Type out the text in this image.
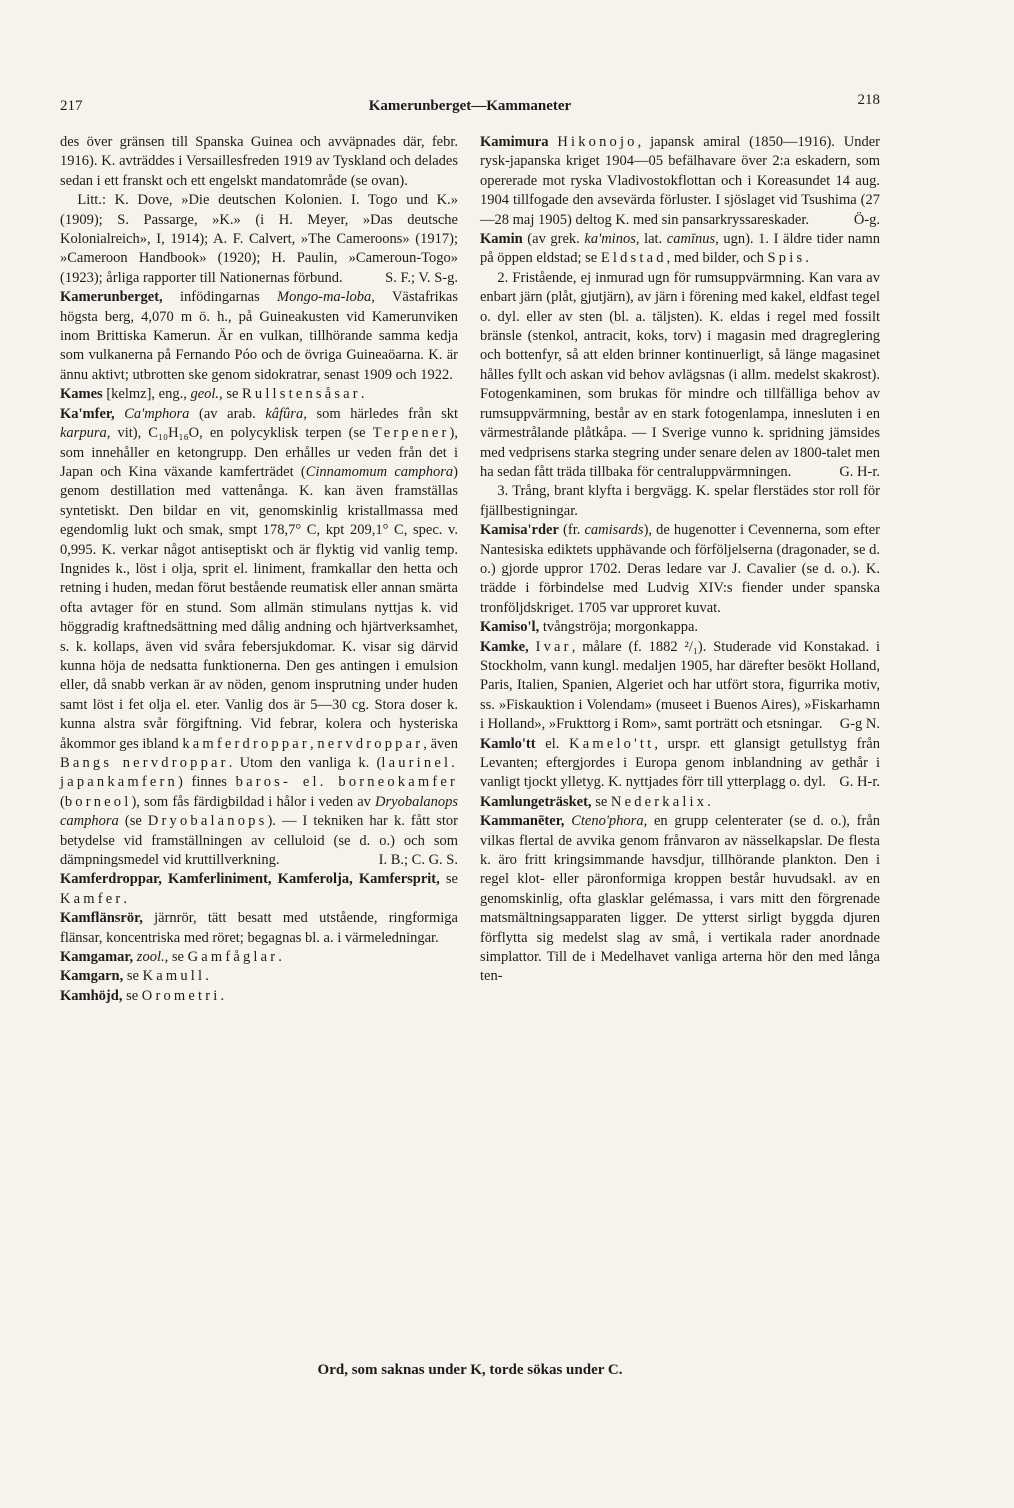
217	Kamerunberget—Kammaneter	218

des över gränsen till Spanska Guinea och avväpnades där, febr. 1916). K. avträddes i Versaillesfreden 1919 av Tyskland och delades sedan i ett franskt och ett engelskt mandatområde (se ovan).

Litt.: K. Dove, »Die deutschen Kolonien. I. Togo und K.» (1909); S. Passarge, »K.» (i H. Meyer, »Das deutsche Kolonialreich», I, 1914); A. F. Calvert, »The Cameroons» (1917); »Cameroon Handbook» (1920); H. Paulin, »Cameroun-Togo» (1923); årliga rapporter till Nationernas förbund.	S. F.; V. S-g.

Kamerunberget, infödingarnas Mongo-ma-loba, Västafrikas högsta berg, 4,070 m ö. h., på Guineakusten vid Kamerunviken inom Brittiska Kamerun. Är en vulkan, tillhörande samma kedja som vulkanerna på Fernando Póo och de övriga Guineaöarna. K. är ännu aktivt; utbrotten ske genom sidokratrar, senast 1909 och 1922.

Kames [kelmz], eng., geol., se Rullstensåsar.

Ka'mfer, Ca'mphora (av arab. kâfûra, som härledes från skt karpura, vit), C₁₀H₁₆O, en polycyklisk terpen (se Terpener), som innehåller en ketongrupp. Den erhålles ur veden från det i Japan och Kina växande kamferträdet (Cinnamomum camphora) genom destillation med vattenånga. K. kan även framställas syntetiskt. Den bildar en vit, genomskinlig kristallmassa med egendomlig lukt och smak, smpt 178,7° C, kpt 209,1° C, spec. v. 0,995. K. verkar något antiseptiskt och är flyktig vid vanlig temp. Ingnides k., löst i olja, sprit el. liniment, framkallar den hetta och retning i huden, medan förut bestående reumatisk eller annan smärta ofta avtager för en stund. Som allmän stimulans nyttjas k. vid höggradig kraftnedsättning med dålig andning och hjärtverksamhet, s. k. kollaps, även vid svåra febersjukdomar. K. visar sig därvid kunna höja de nedsatta funktionerna. Den ges antingen i emulsion eller, då snabb verkan är av nöden, genom insprutning under huden samt löst i fet olja el. eter. Vanlig dos är 5—30 cg. Stora doser k. kunna alstra svår förgiftning. Vid febrar, kolera och hysteriska åkommor ges ibland kamferdroppar, nervdroppar, även Bangs nervdroppar. Utom den vanliga k. (laurinel. japankamfern) finnes baros- el. borneokamfer (borneol), som fås färdigbildad i hålor i veden av Dryobalanops camphora (se Dryobalanops). — I tekniken har k. fått stor betydelse vid framställningen av celluloid (se d. o.) och som dämpningsmedel vid kruttillverkning.	I. B.; C. G. S.

Kamferdroppar, Kamferliniment, Kamferolja, Kamfersprit, se Kamfer.

Kamflänsrör, järnrör, tätt besatt med utstående, ringformiga flänsar, koncentriska med röret; begagnas bl. a. i värmeledningar.

Kamgamar, zool., se Gamfåglar.

Kamgarn, se Kamull.

Kamhöjd, se Orometri.

Kamimura Hikonojo, japansk amiral (1850—1916). Under rysk-japanska kriget 1904—05 befälhavare över 2:a eskadern, som opererade mot ryska Vladivostokflottan och i Koreasundet 14 aug. 1904 tillfogade den avsevärda förluster. I sjöslaget vid Tsushima (27—28 maj 1905) deltog K. med sin pansarkryssareskader.	Ö-g.

Kamin (av grek. ka'minos, lat. camīnus, ugn). 1. I äldre tider namn på öppen eldstad; se Eldstad, med bilder, och Spis.

2. Fristående, ej inmurad ugn för rumsuppvärmning. Kan vara av enbart järn (plåt, gjutjärn), av järn i förening med kakel, eldfast tegel o. dyl. eller av sten (bl. a. täljsten). K. eldas i regel med fossilt bränsle (stenkol, antracit, koks, torv) i magasin med dragreglering och bottenfyr, så att elden brinner kontinuerligt, så länge magasinet hålles fyllt och askan vid behov avlägsnas (i allm. medelst skakrost). Fotogenkaminen, som brukas för mindre och tillfälliga behov av rumsuppvärmning, består av en stark fotogenlampa, innesluten i en värmestrålande plåtkåpa. — I Sverige vunno k. spridning jämsides med vedprisens starka stegring under senare delen av 1800-talet men ha sedan fått träda tillbaka för centraluppvärmningen.	G. H-r.

3. Trång, brant klyfta i bergvägg. K. spelar flerstädes stor roll för fjällbestigningar.

Kamisa'rder (fr. camisards), de hugenotter i Cevennerna, som efter Nantesiska ediktets upphävande och förföljelserna (dragonader, se d. o.) gjorde uppror 1702. Deras ledare var J. Cavalier (se d. o.). K. trädde i förbindelse med Ludvig XIV:s fiender under spanska tronföljdskriget. 1705 var upproret kuvat.

Kamiso'l, tvångströja; morgonkappa.

Kamke, Ivar, målare (f. 1882 ²/₁). Studerade vid Konstakad. i Stockholm, vann kungl. medaljen 1905, har därefter besökt Holland, Paris, Italien, Spanien, Algeriet och har utfört stora, figurrika motiv, ss. »Fiskauktion i Volendam» (museet i Buenos Aires), »Fiskarhamn i Holland», »Frukttorg i Rom», samt porträtt och etsningar. G-g N.

Kamlo'tt el. Kamelo'tt, urspr. ett glansigt getullstyg från Levanten; eftergjordes i Europa genom inblandning av gethår i vanligt tjockt ylletyg. K. nyttjades förr till ytterplagg o. dyl. G. H-r.

Kamlungeträsket, se Nederkalix.

Kammanēter, Cteno'phora, en grupp celenterater (se d. o.), från vilkas flertal de avvika genom frånvaron av nässelkapslar. De flesta k. äro fritt kringsimmande havsdjur, tillhörande plankton. Den i regel klot- eller päronformiga kroppen består huvudsakl. av en genomskinlig, ofta glasklar gelémassa, i vars mitt den förgrenade matsmältningsapparaten ligger. De ytterst sirligt byggda djuren förflytta sig medelst slag av små, i vertikala rader anordnade simplattor. Till de i Medelhavet vanliga arterna hör den med långa ten-

Ord, som saknas under K, torde sökas under C.
